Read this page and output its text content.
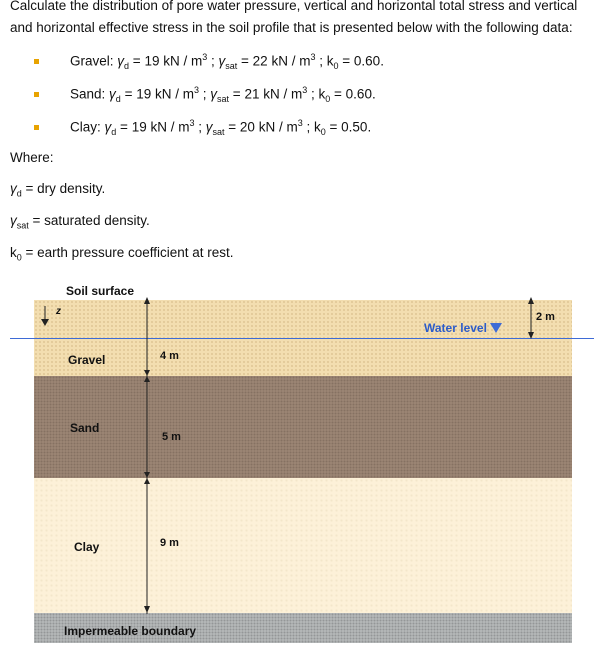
Calculate the distribution of pore water pressure, vertical and horizontal total stress and vertical
and horizontal effective stress in the soil profile that is presented below with the following data:
Gravel: $\gamma_d = 19$ kN / $m^3$ ; $\gamma_{sat} = 22$ kN / $m^3$ ; $k_0 = 0.60$.
Sand: $\gamma_d = 19$ kN / $m^3$ ; $\gamma_{sat} = 21$ kN / $m^3$ ; $k_0 = 0.60$.
Clay: $\gamma_d = 19$ kN / $m^3$ ; $\gamma_{sat} = 20$ kN / $m^3$ ; $k_0 = 0.50$.
Where:
$\gamma_d$ = dry density.
$\gamma_{sat}$ = saturated density.
$k_0$ = earth pressure coefficient at rest.
Soil surface
Water level
z
Gravel	4 m
Sand
5 m
Clay	9 m
Impermeable boundary
2 m
